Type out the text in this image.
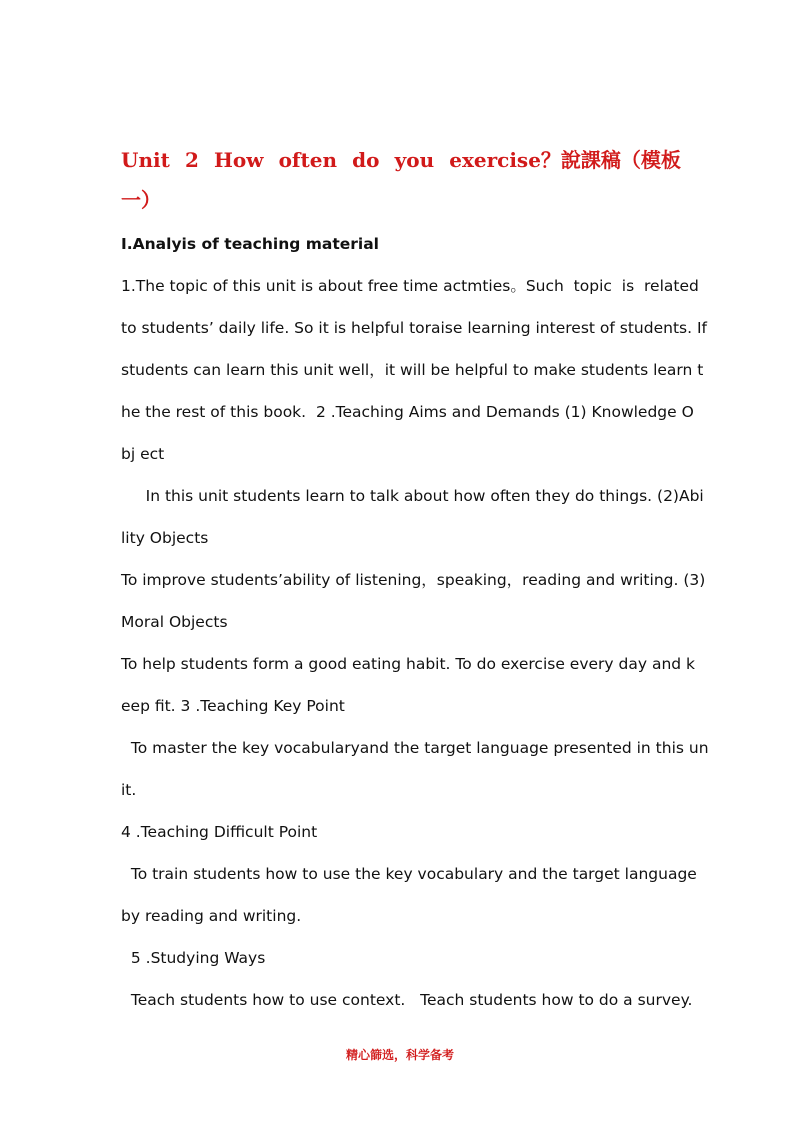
Unit 2 How often do you exercise？說課稿（模板
一）
Ⅰ.Analyis of teaching material
1.The topic of this unit is about free time actmties。Such  topic  is  related
to students’ daily life. So it is helpful toraise learning interest of students. If
students can learn this unit well，it will be helpful to make students learn t
he the rest of this book.  2 .Teaching Aims and Demands (1) Knowledge O
bj ect
In this unit students learn to talk about how often they do things. (2)Abi
lity Objects
To improve students’ability of listening，speaking，reading and writing. (3)
Moral Objects
To help students form a good eating habit. To do exercise every day and k
eep fit. 3 .Teaching Key Point
To master the key vocabularyand the target language presented in this un
it.
4 .Teaching Difficult Point
To train students how to use the key vocabulary and the target language
by reading and writing.
5 .Studying Ways
Teach students how to use context.   Teach students how to do a survey.
精心篩选，科学备考
